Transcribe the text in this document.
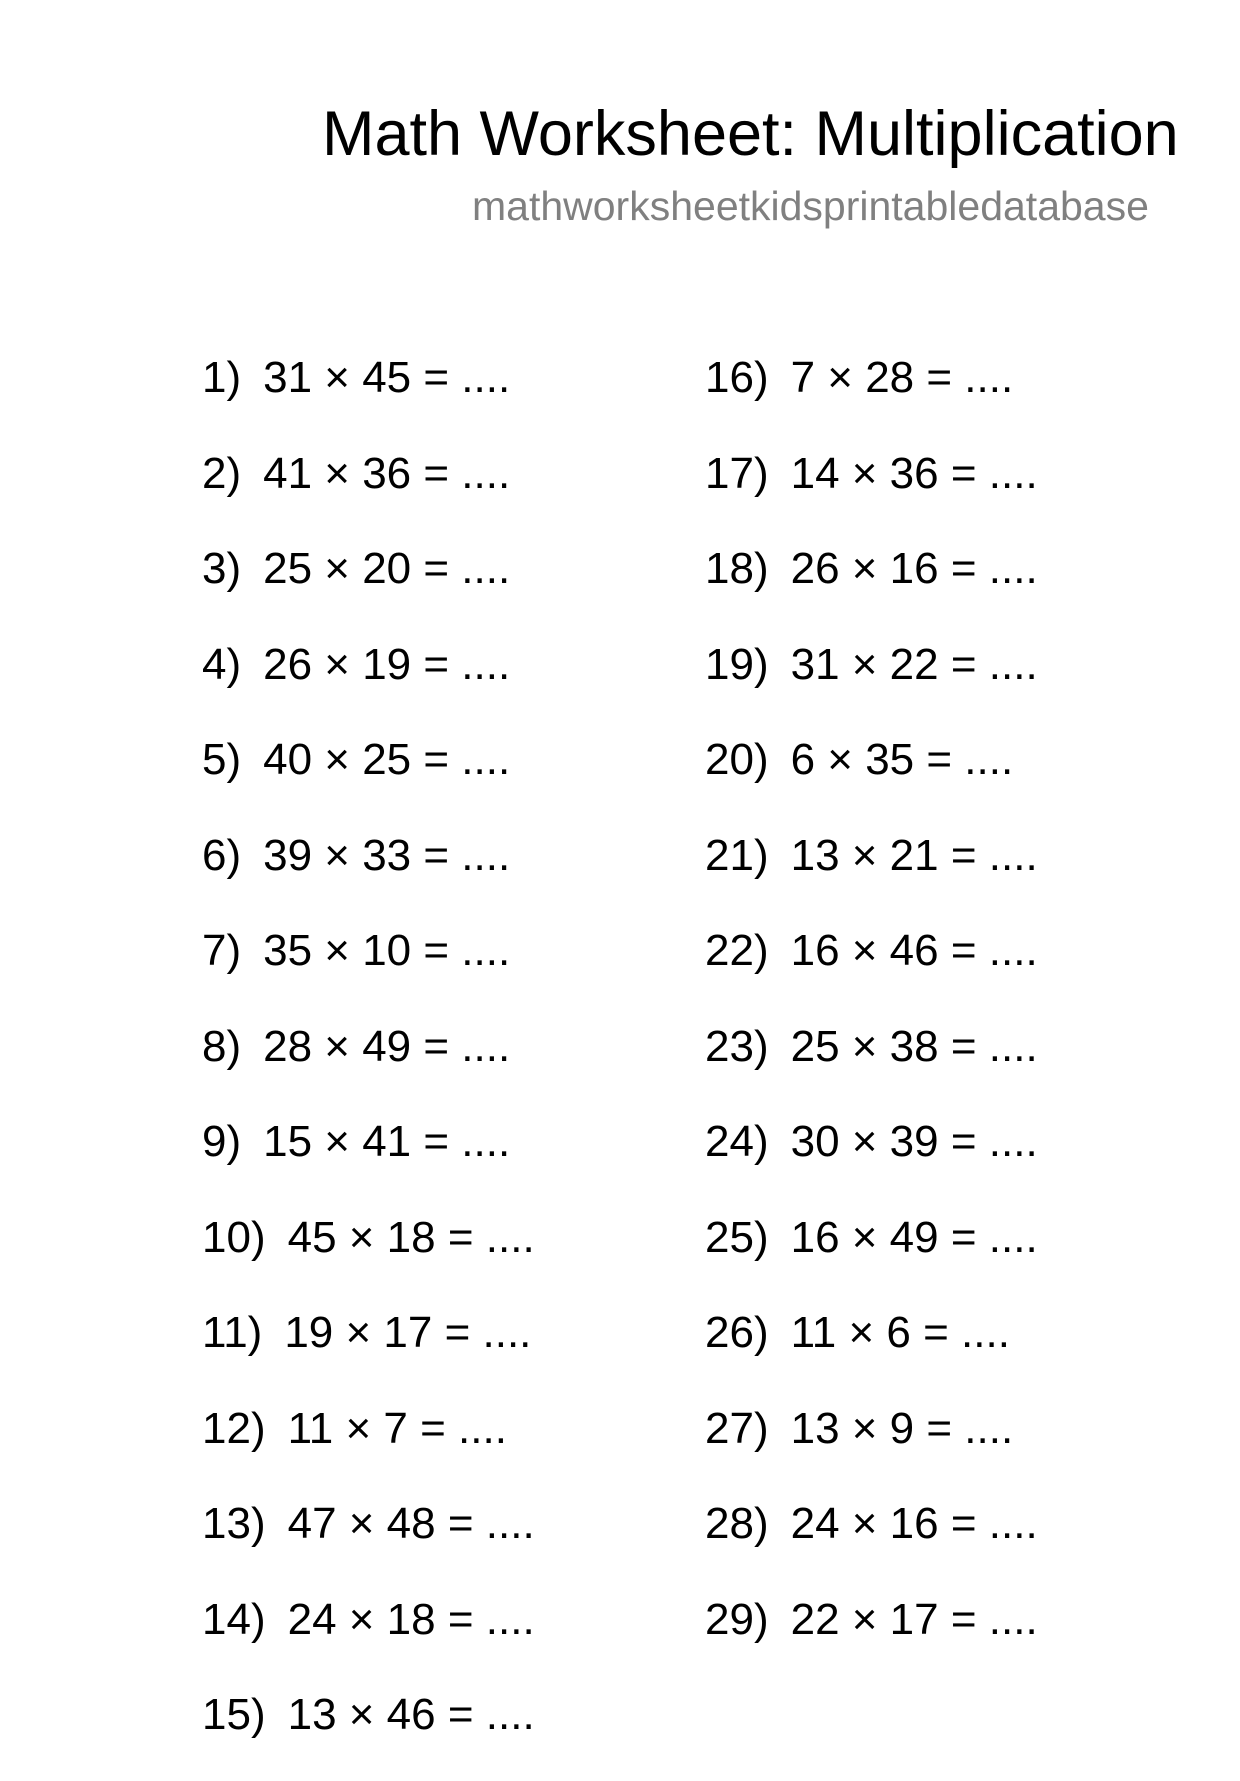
Math Worksheet: Multiplication
mathworksheetkidsprintabledatabase
1) 31 × 45 = ....
2) 41 × 36 = ....
3) 25 × 20 = ....
4) 26 × 19 = ....
5) 40 × 25 = ....
6) 39 × 33 = ....
7) 35 × 10 = ....
8) 28 × 49 = ....
9) 15 × 41 = ....
10) 45 × 18 = ....
11) 19 × 17 = ....
12) 11 × 7 = ....
13) 47 × 48 = ....
14) 24 × 18 = ....
15) 13 × 46 = ....
16) 7 × 28 = ....
17) 14 × 36 = ....
18) 26 × 16 = ....
19) 31 × 22 = ....
20) 6 × 35 = ....
21) 13 × 21 = ....
22) 16 × 46 = ....
23) 25 × 38 = ....
24) 30 × 39 = ....
25) 16 × 49 = ....
26) 11 × 6 = ....
27) 13 × 9 = ....
28) 24 × 16 = ....
29) 22 × 17 = ....
